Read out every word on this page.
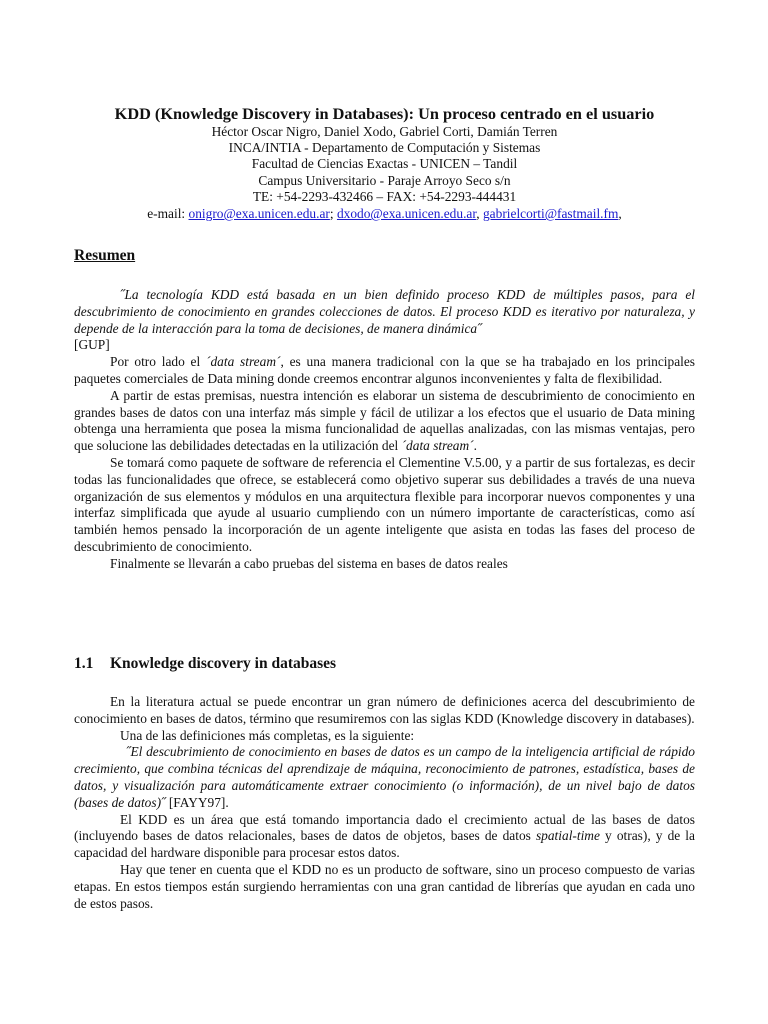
KDD (Knowledge Discovery in Databases): Un proceso centrado en el usuario
Héctor Oscar Nigro, Daniel Xodo, Gabriel Corti, Damián Terren
INCA/INTIA - Departamento de Computación y Sistemas
Facultad de Ciencias Exactas - UNICEN – Tandil
Campus Universitario - Paraje Arroyo Seco s/n
TE: +54-2293-432466 – FAX: +54-2293-444431
e-mail: onigro@exa.unicen.edu.ar; dxodo@exa.unicen.edu.ar, gabrielcorti@fastmail.fm,
Resumen

˝La tecnología KDD está basada en un bien definido proceso KDD de múltiples pasos, para el descubrimiento de conocimiento en grandes colecciones de datos. El proceso KDD es iterativo por naturaleza, y depende de la interacción para la toma de decisiones, de manera dinámica˝

[GUP]

Por otro lado el ´data stream´, es una manera tradicional con la que se ha trabajado en los principales paquetes comerciales de Data mining donde creemos encontrar algunos inconvenientes y falta de flexibilidad.

A partir de estas premisas, nuestra intención es elaborar un sistema de descubrimiento de conocimiento en grandes bases de datos con una interfaz más simple y fácil de utilizar a los efectos que el usuario de Data mining obtenga una herramienta que posea la misma funcionalidad de aquellas analizadas, con las mismas ventajas, pero que solucione las debilidades detectadas en la utilización del ´data stream´.

Se tomará como paquete de software de referencia el Clementine V.5.00, y a partir de sus fortalezas, es decir todas las funcionalidades que ofrece, se establecerá como objetivo superar sus debilidades a través de una nueva organización de sus elementos y módulos en una arquitectura flexible para incorporar nuevos componentes y una interfaz simplificada que ayude al usuario cumpliendo con un número importante de características, como así también hemos pensado la incorporación de un agente inteligente que asista en todas las fases del proceso de descubrimiento de conocimiento.

Finalmente se llevarán a cabo pruebas del sistema en bases de datos reales

1.1 Knowledge discovery in databases

En la literatura actual se puede encontrar un gran número de definiciones acerca del descubrimiento de conocimiento en bases de datos, término que resumiremos con las siglas KDD (Knowledge discovery in databases).

Una de las definiciones más completas, es la siguiente:

˝El descubrimiento de conocimiento en bases de datos es un campo de la inteligencia artificial de rápido crecimiento, que combina técnicas del aprendizaje de máquina, reconocimiento de patrones, estadística, bases de datos, y visualización para automáticamente extraer conocimiento (o información), de un nivel bajo de datos (bases de datos)˝ [FAYY97].

El KDD es un área que está tomando importancia dado el crecimiento actual de las bases de datos (incluyendo bases de datos relacionales, bases de datos de objetos, bases de datos spatial-time y otras), y de la capacidad del hardware disponible para procesar estos datos.

Hay que tener en cuenta que el KDD no es un producto de software, sino un proceso compuesto de varias etapas. En estos tiempos están surgiendo herramientas con una gran cantidad de librerías que ayudan en cada uno de estos pasos.
